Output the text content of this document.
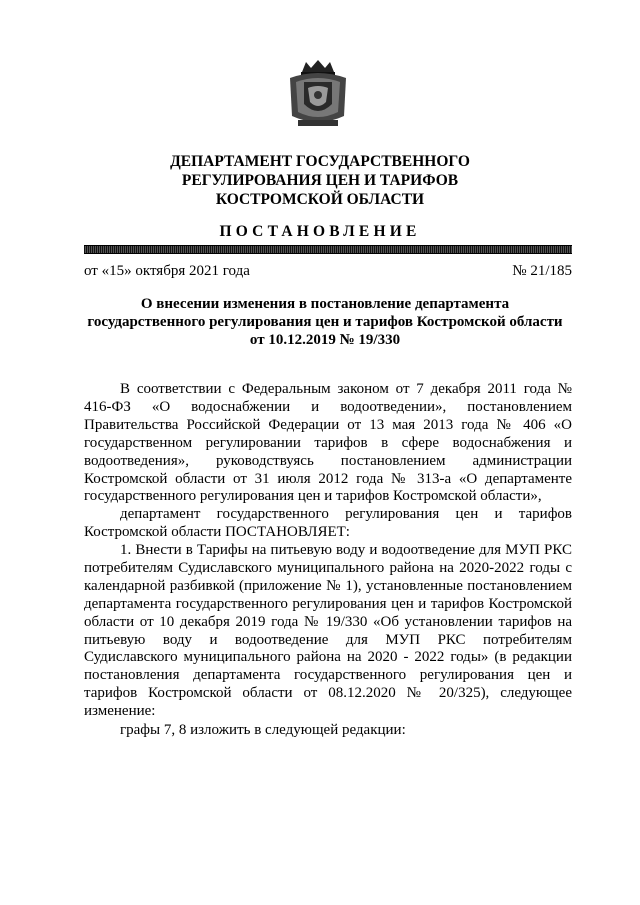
ДЕПАРТАМЕНТ ГОСУДАРСТВЕННОГО
РЕГУЛИРОВАНИЯ ЦЕН И ТАРИФОВ
КОСТРОМСКОЙ ОБЛАСТИ
ПОСТАНОВЛЕНИЕ
от «15» октября 2021 года	№ 21/185
О внесении изменения в постановление департамента
государственного регулирования цен и тарифов Костромской области
от 10.12.2019 № 19/330
В соответствии с Федеральным законом от 7 декабря 2011 года № 416-ФЗ «О водоснабжении и водоотведении», постановлением Правительства Российской Федерации от 13 мая 2013 года № 406 «О государственном регулировании тарифов в сфере водоснабжения и водоотведения», руководствуясь постановлением администрации Костромской области от 31 июля 2012 года № 313-а «О департаменте государственного регулирования цен и тарифов Костромской области»,
департамент государственного регулирования цен и тарифов Костромской области ПОСТАНОВЛЯЕТ:
1. Внести в Тарифы на питьевую воду и водоотведение для МУП РКС потребителям Судиславского муниципального района на 2020-2022 годы с календарной разбивкой (приложение № 1), установленные постановлением департамента государственного регулирования цен и тарифов Костромской области от 10 декабря 2019 года № 19/330 «Об установлении тарифов на питьевую воду и водоотведение для МУП РКС потребителям Судиславского муниципального района на 2020 - 2022 годы» (в редакции постановления департамента государственного регулирования цен и тарифов Костромской области от 08.12.2020 № 20/325), следующее изменение:
графы 7, 8 изложить в следующей редакции:
